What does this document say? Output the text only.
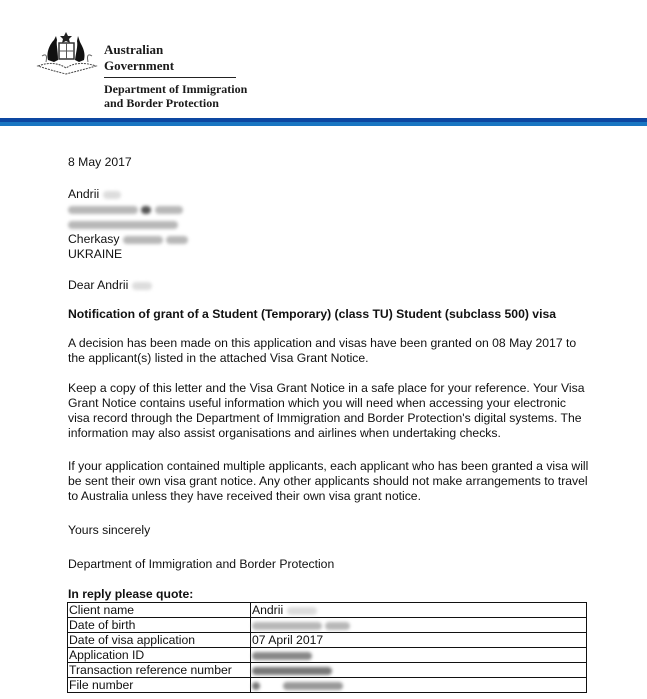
Australian Government
Department of Immigration
and Border Protection

8 May 2017

Andrii

Cherkasy
UKRAINE

Dear Andrii

Notification of grant of a Student (Temporary) (class TU) Student (subclass 500) visa

A decision has been made on this application and visas have been granted on 08 May 2017 to the applicant(s) listed in the attached Visa Grant Notice.

Keep a copy of this letter and the Visa Grant Notice in a safe place for your reference. Your Visa Grant Notice contains useful information which you will need when accessing your electronic visa record through the Department of Immigration and Border Protection's digital systems. The information may also assist organisations and airlines when undertaking checks.

If your application contained multiple applicants, each applicant who has been granted a visa will be sent their own visa grant notice. Any other applicants should not make arrangements to travel to Australia unless they have received their own visa grant notice.

Yours sincerely

Department of Immigration and Border Protection

In reply please quote:

Client name	Andrii
Date of birth	
Date of visa application	07 April 2017
Application ID	
Transaction reference number	
File number	
